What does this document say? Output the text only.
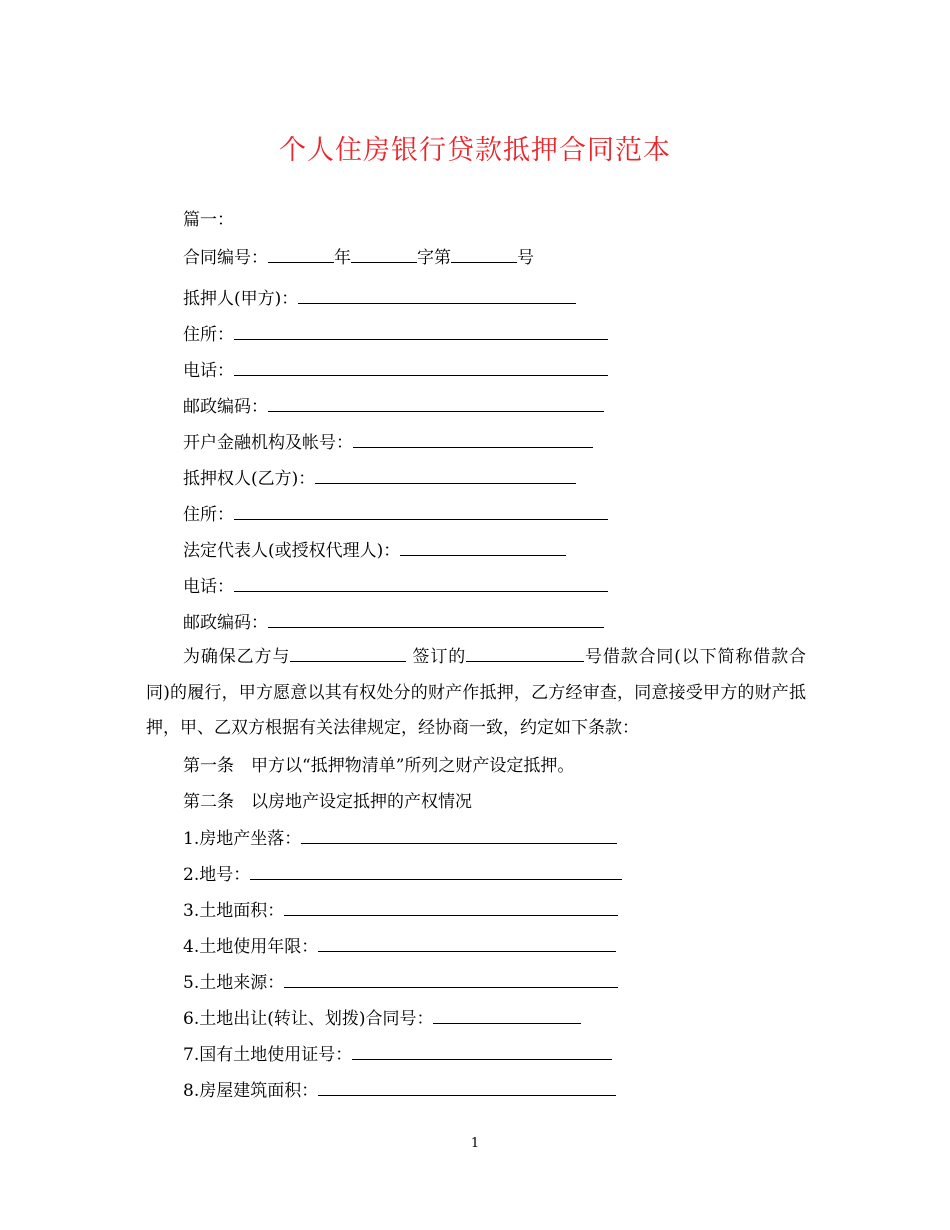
个人住房银行贷款抵押合同范本
篇一：
合同编号：	年	字第	号
抵押人(甲方)：
住所：
电话：
邮政编码：
开户金融机构及帐号：
抵押权人(乙方)：
住所：
法定代表人(或授权代理人)：
电话：
邮政编码：
为确保乙方与	签订的	号借款合同(以下简称借款合同)的履行，甲方愿意以其有权处分的财产作抵押，乙方经审查，同意接受甲方的财产抵押，甲、乙双方根据有关法律规定，经协商一致，约定如下条款：
第一条　甲方以“抵押物清单”所列之财产设定抵押。
第二条　以房地产设定抵押的产权情况
1.房地产坐落：
2.地号：
3.土地面积：
4.土地使用年限：
5.土地来源：
6.土地出让(转让、划拨)合同号：
7.国有土地使用证号：
8.房屋建筑面积：
1
